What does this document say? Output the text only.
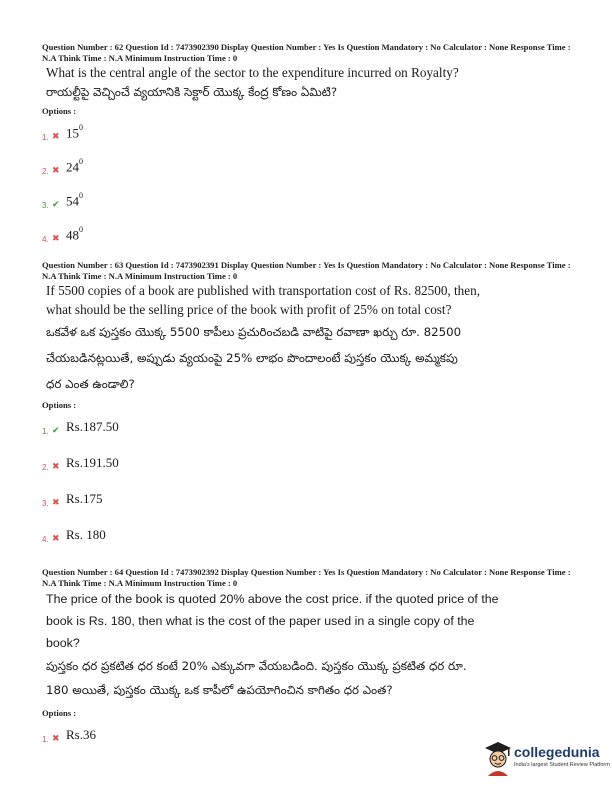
Question Number : 62 Question Id : 7473902390 Display Question Number : Yes Is Question Mandatory : No Calculator : None Response Time : N.A Think Time : N.A Minimum Instruction Time : 0
What is the central angle of the sector to the expenditure incurred on Royalty?
రాయల్టీపై వెచ్చించే వ్యయానికి సెక్టార్ యొక్క కేంద్ర కోణం ఏమిటి?
Options :
1. ✖ $15^0$
2. ✖ $24^0$
3. ✔ $54^0$
4. ✖ $48^0$
Question Number : 63 Question Id : 7473902391 Display Question Number : Yes Is Question Mandatory : No Calculator : None Response Time : N.A Think Time : N.A Minimum Instruction Time : 0
If 5500 copies of a book are published with transportation cost of Rs. 82500, then,
what should be the selling price of the book with profit of 25% on total cost?
ఒకవేళ ఒక పుస్తకం యొక్క 5500 కాపీలు ప్రచురించబడి వాటిపై రవాణా ఖర్చు రూ. 82500
చేయబడినట్లయితే, అప్పుడు వ్యయంపై 25% లాభం పొందాలంటే పుస్తకం యొక్క అమ్మకపు
ధర ఎంత ఉండాలి?
Options :
1. ✔ Rs.187.50
2. ✖ Rs.191.50
3. ✖ Rs.175
4. ✖ Rs. 180
Question Number : 64 Question Id : 7473902392 Display Question Number : Yes Is Question Mandatory : No Calculator : None Response Time : N.A Think Time : N.A Minimum Instruction Time : 0
The price of the book is quoted 20% above the cost price. if the quoted price of the
book is Rs. 180, then what is the cost of the paper used in a single copy of the
book?
పుస్తకం ధర ప్రకటిత ధర కంటే 20% ఎక్కువగా వేయబడింది. పుస్తకం యొక్క ప్రకటిత ధర రూ.
180 అయితే, పుస్తకం యొక్క ఒక కాపీలో ఉపయోగించిన కాగితం ధర ఎంత?
Options :
1. ✖ Rs.36
collegedunia
India's largest Student Review Platform
